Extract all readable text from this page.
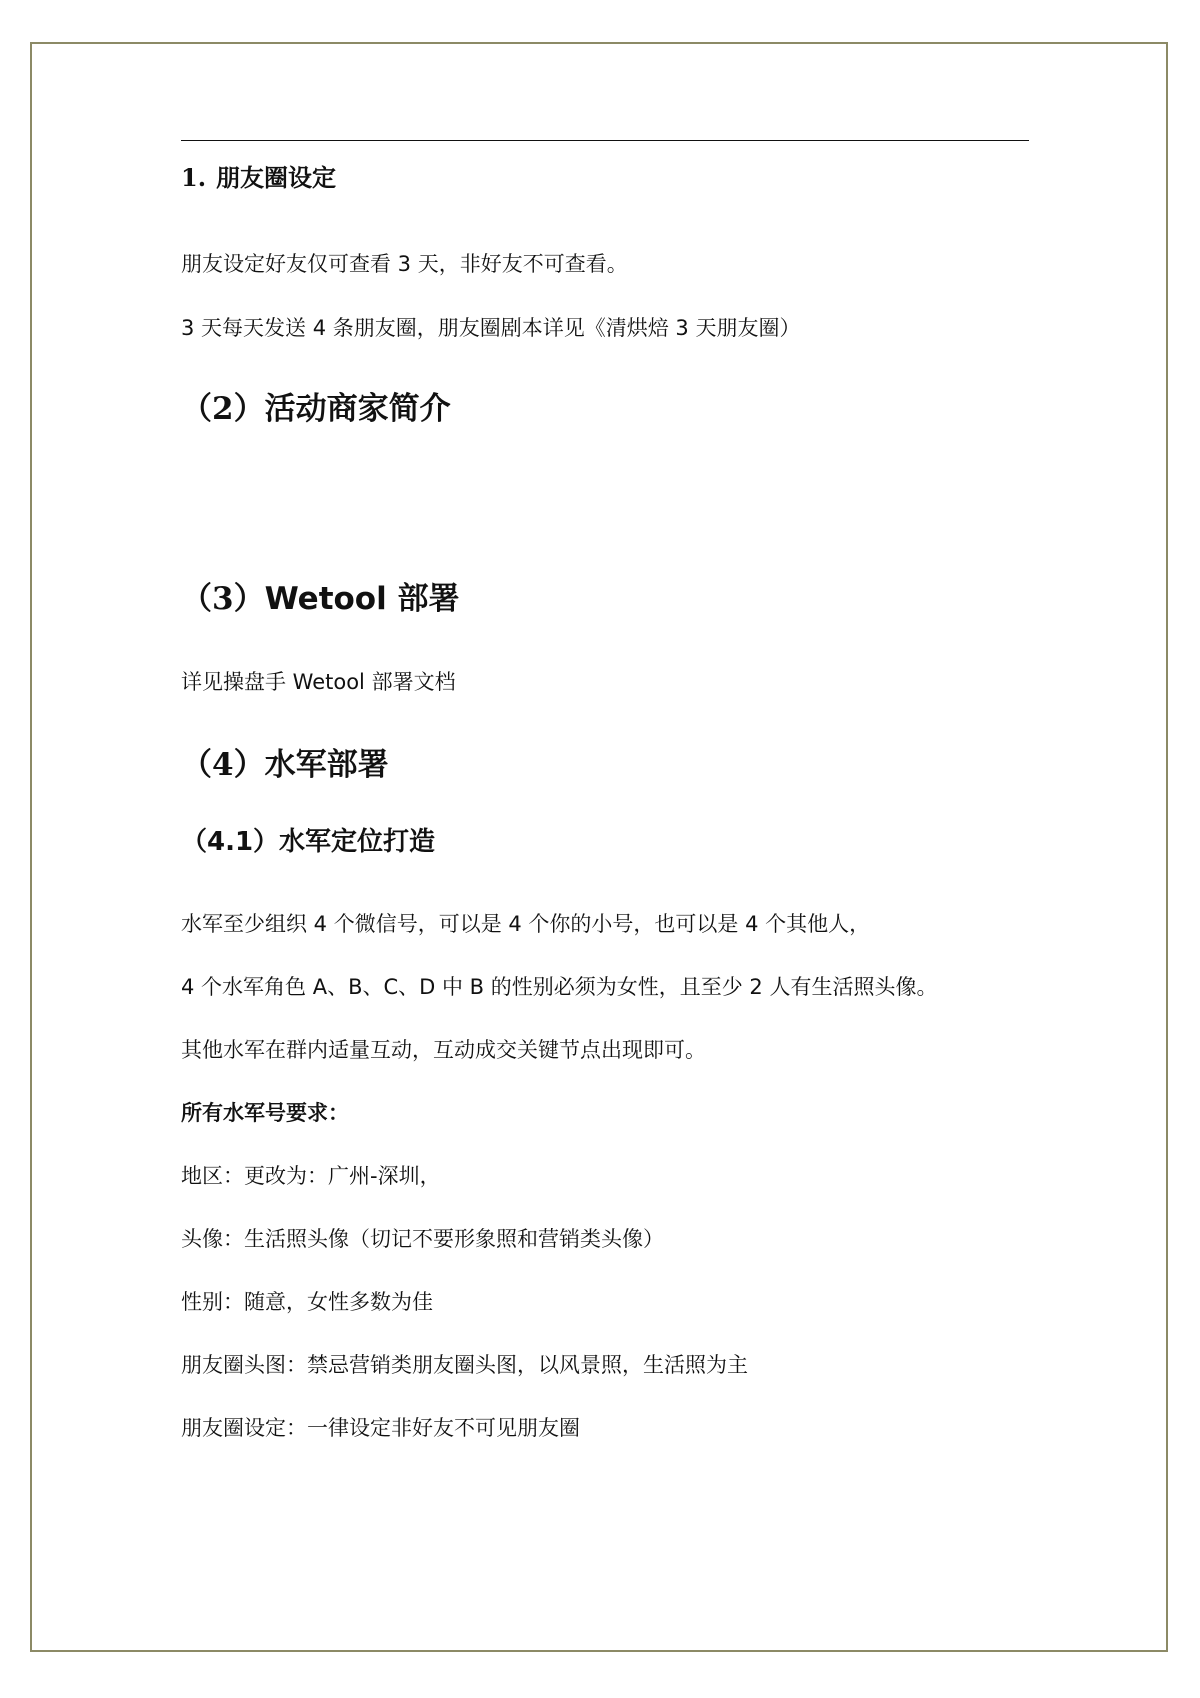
1. 朋友圈设定

朋友设定好友仅可查看 3 天，非好友不可查看。

3 天每天发送 4 条朋友圈，朋友圈剧本详见《清烘焙 3 天朋友圈）

（2）活动商家简介
（3）Wetool 部署

详见操盘手 Wetool 部署文档

（4）水军部署
（4.1）水军定位打造

水军至少组织 4 个微信号，可以是 4 个你的小号，也可以是 4 个其他人，

4 个水军角色 A、B、C、D 中 B 的性别必须为女性，且至少 2 人有生活照头像。

其他水军在群内适量互动，互动成交关键节点出现即可。

所有水军号要求：

地区：更改为：广州-深圳，

头像：生活照头像（切记不要形象照和营销类头像）

性别：随意，女性多数为佳

朋友圈头图：禁忌营销类朋友圈头图，以风景照，生活照为主

朋友圈设定：一律设定非好友不可见朋友圈
